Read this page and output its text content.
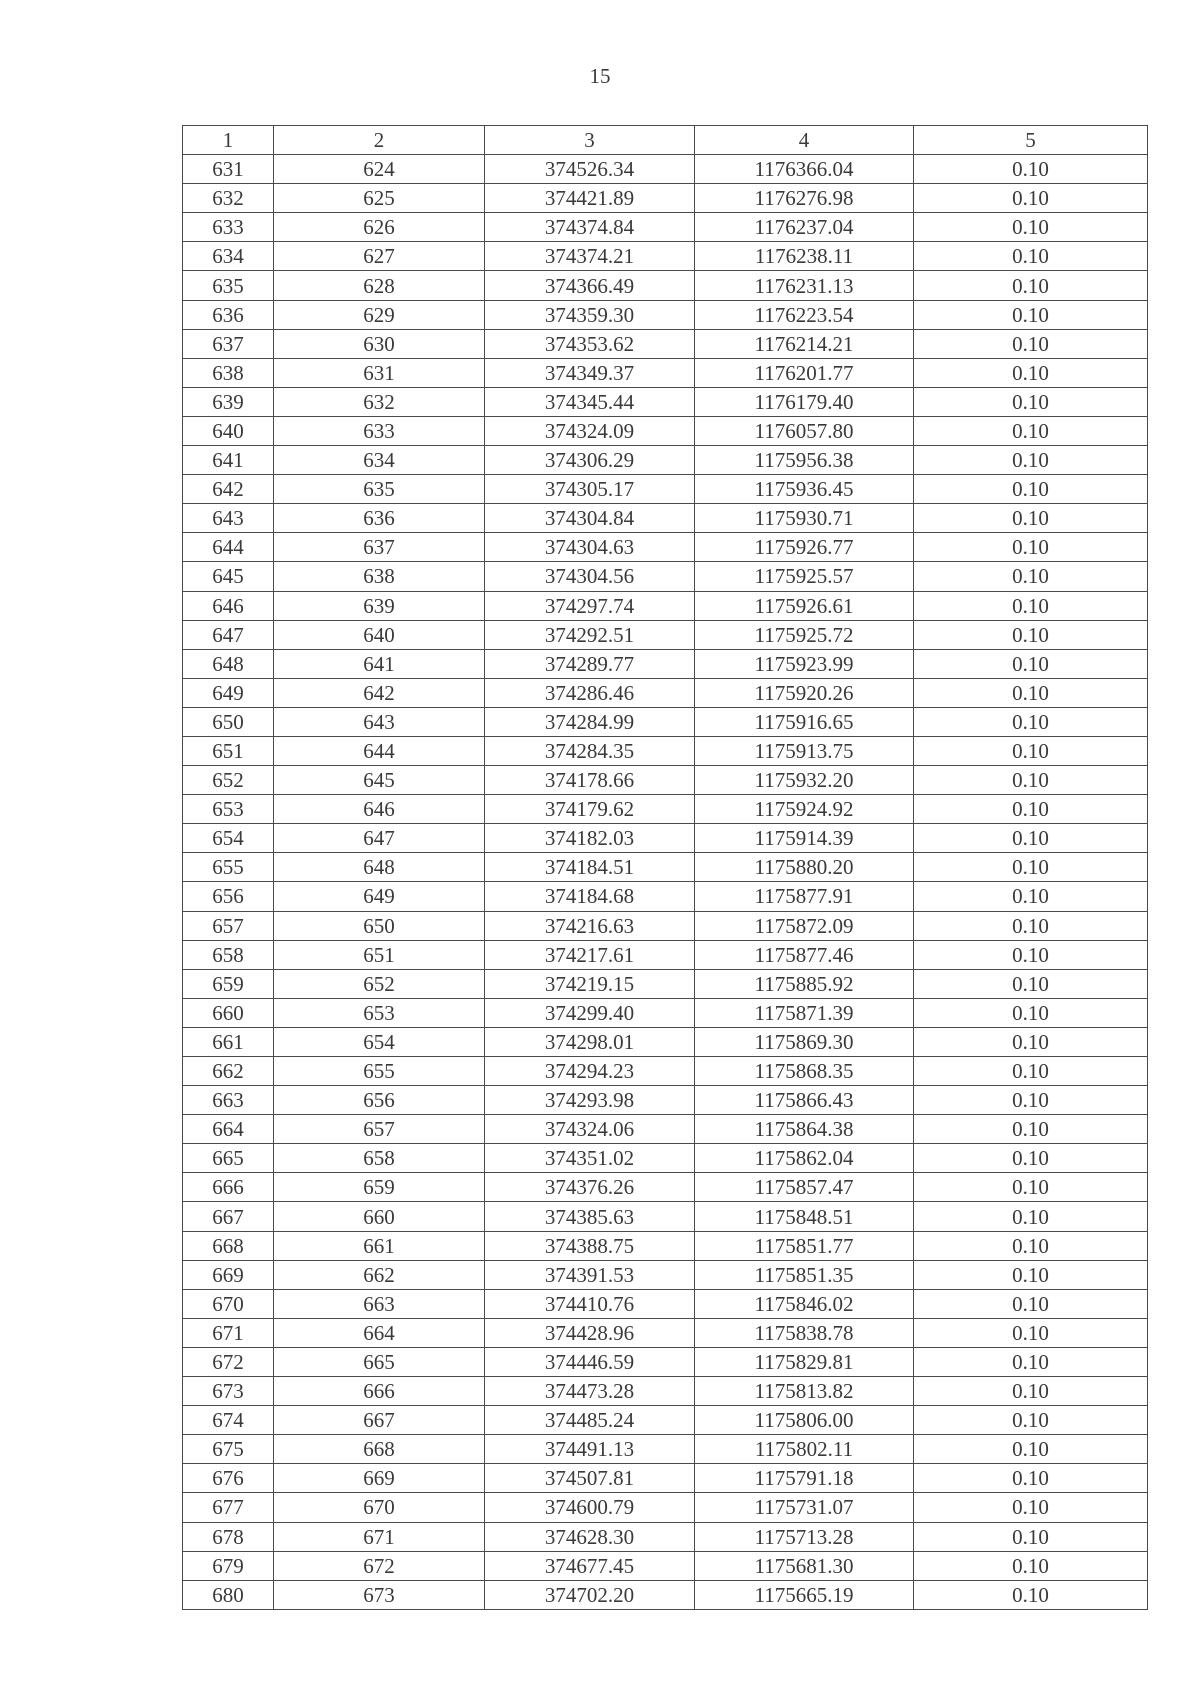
15
1	2	3	4	5
631	624	374526.34	1176366.04	0.10
632	625	374421.89	1176276.98	0.10
633	626	374374.84	1176237.04	0.10
634	627	374374.21	1176238.11	0.10
635	628	374366.49	1176231.13	0.10
636	629	374359.30	1176223.54	0.10
637	630	374353.62	1176214.21	0.10
638	631	374349.37	1176201.77	0.10
639	632	374345.44	1176179.40	0.10
640	633	374324.09	1176057.80	0.10
641	634	374306.29	1175956.38	0.10
642	635	374305.17	1175936.45	0.10
643	636	374304.84	1175930.71	0.10
644	637	374304.63	1175926.77	0.10
645	638	374304.56	1175925.57	0.10
646	639	374297.74	1175926.61	0.10
647	640	374292.51	1175925.72	0.10
648	641	374289.77	1175923.99	0.10
649	642	374286.46	1175920.26	0.10
650	643	374284.99	1175916.65	0.10
651	644	374284.35	1175913.75	0.10
652	645	374178.66	1175932.20	0.10
653	646	374179.62	1175924.92	0.10
654	647	374182.03	1175914.39	0.10
655	648	374184.51	1175880.20	0.10
656	649	374184.68	1175877.91	0.10
657	650	374216.63	1175872.09	0.10
658	651	374217.61	1175877.46	0.10
659	652	374219.15	1175885.92	0.10
660	653	374299.40	1175871.39	0.10
661	654	374298.01	1175869.30	0.10
662	655	374294.23	1175868.35	0.10
663	656	374293.98	1175866.43	0.10
664	657	374324.06	1175864.38	0.10
665	658	374351.02	1175862.04	0.10
666	659	374376.26	1175857.47	0.10
667	660	374385.63	1175848.51	0.10
668	661	374388.75	1175851.77	0.10
669	662	374391.53	1175851.35	0.10
670	663	374410.76	1175846.02	0.10
671	664	374428.96	1175838.78	0.10
672	665	374446.59	1175829.81	0.10
673	666	374473.28	1175813.82	0.10
674	667	374485.24	1175806.00	0.10
675	668	374491.13	1175802.11	0.10
676	669	374507.81	1175791.18	0.10
677	670	374600.79	1175731.07	0.10
678	671	374628.30	1175713.28	0.10
679	672	374677.45	1175681.30	0.10
680	673	374702.20	1175665.19	0.10
